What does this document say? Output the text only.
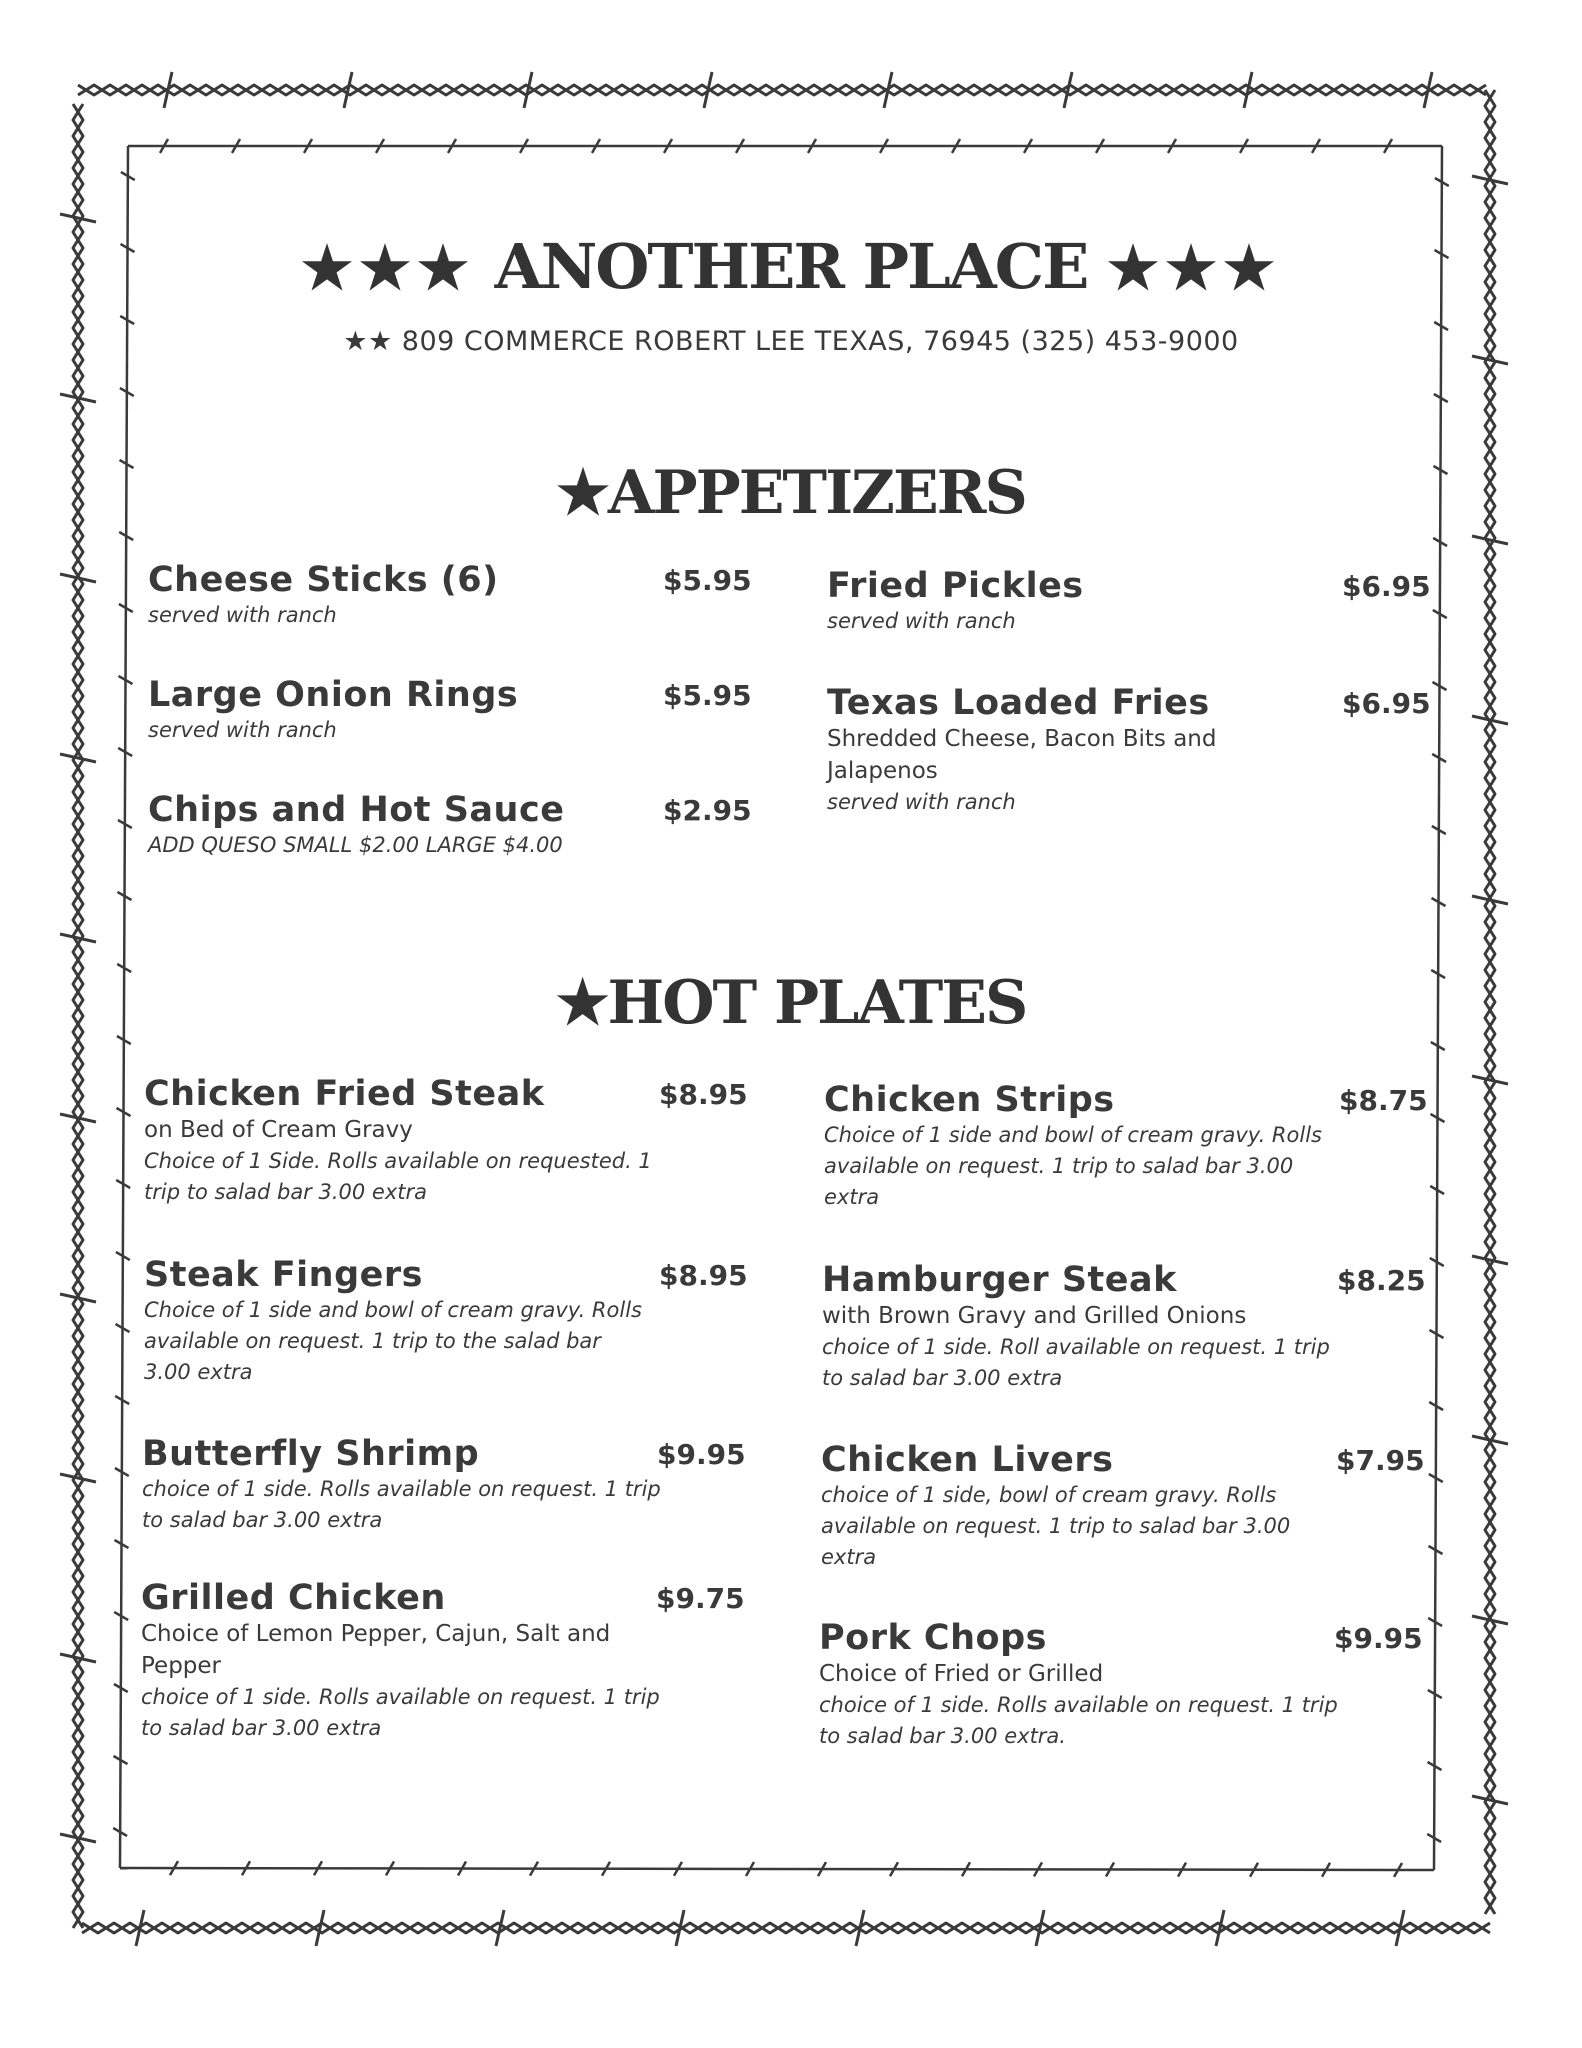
★★★ ANOTHER PLACE ★★★
★★ 809 COMMERCE ROBERT LEE TEXAS, 76945 (325) 453-9000
★APPETIZERS
Cheese Sticks (6)	$5.95
served with ranch
Large Onion Rings	$5.95
served with ranch
Chips and Hot Sauce	$2.95
ADD QUESO SMALL $2.00 LARGE $4.00
Fried Pickles	$6.95
served with ranch
Texas Loaded Fries	$6.95
Shredded Cheese, Bacon Bits and Jalapenos
served with ranch
★HOT PLATES
Chicken Fried Steak	$8.95
on Bed of Cream Gravy
Choice of 1 Side. Rolls available on requested. 1 trip to salad bar 3.00 extra
Steak Fingers	$8.95
Choice of 1 side and bowl of cream gravy. Rolls available on request. 1 trip to the salad bar 3.00 extra
Butterfly Shrimp	$9.95
choice of 1 side. Rolls available on request. 1 trip to salad bar 3.00 extra
Grilled Chicken	$9.75
Choice of Lemon Pepper, Cajun, Salt and Pepper
choice of 1 side. Rolls available on request. 1 trip to salad bar 3.00 extra
Chicken Strips	$8.75
Choice of 1 side and bowl of cream gravy. Rolls available on request. 1 trip to salad bar 3.00 extra
Hamburger Steak	$8.25
with Brown Gravy and Grilled Onions
choice of 1 side. Roll available on request. 1 trip to salad bar 3.00 extra
Chicken Livers	$7.95
choice of 1 side, bowl of cream gravy. Rolls available on request. 1 trip to salad bar 3.00 extra
Pork Chops	$9.95
Choice of Fried or Grilled
choice of 1 side. Rolls available on request. 1 trip to salad bar 3.00 extra.
